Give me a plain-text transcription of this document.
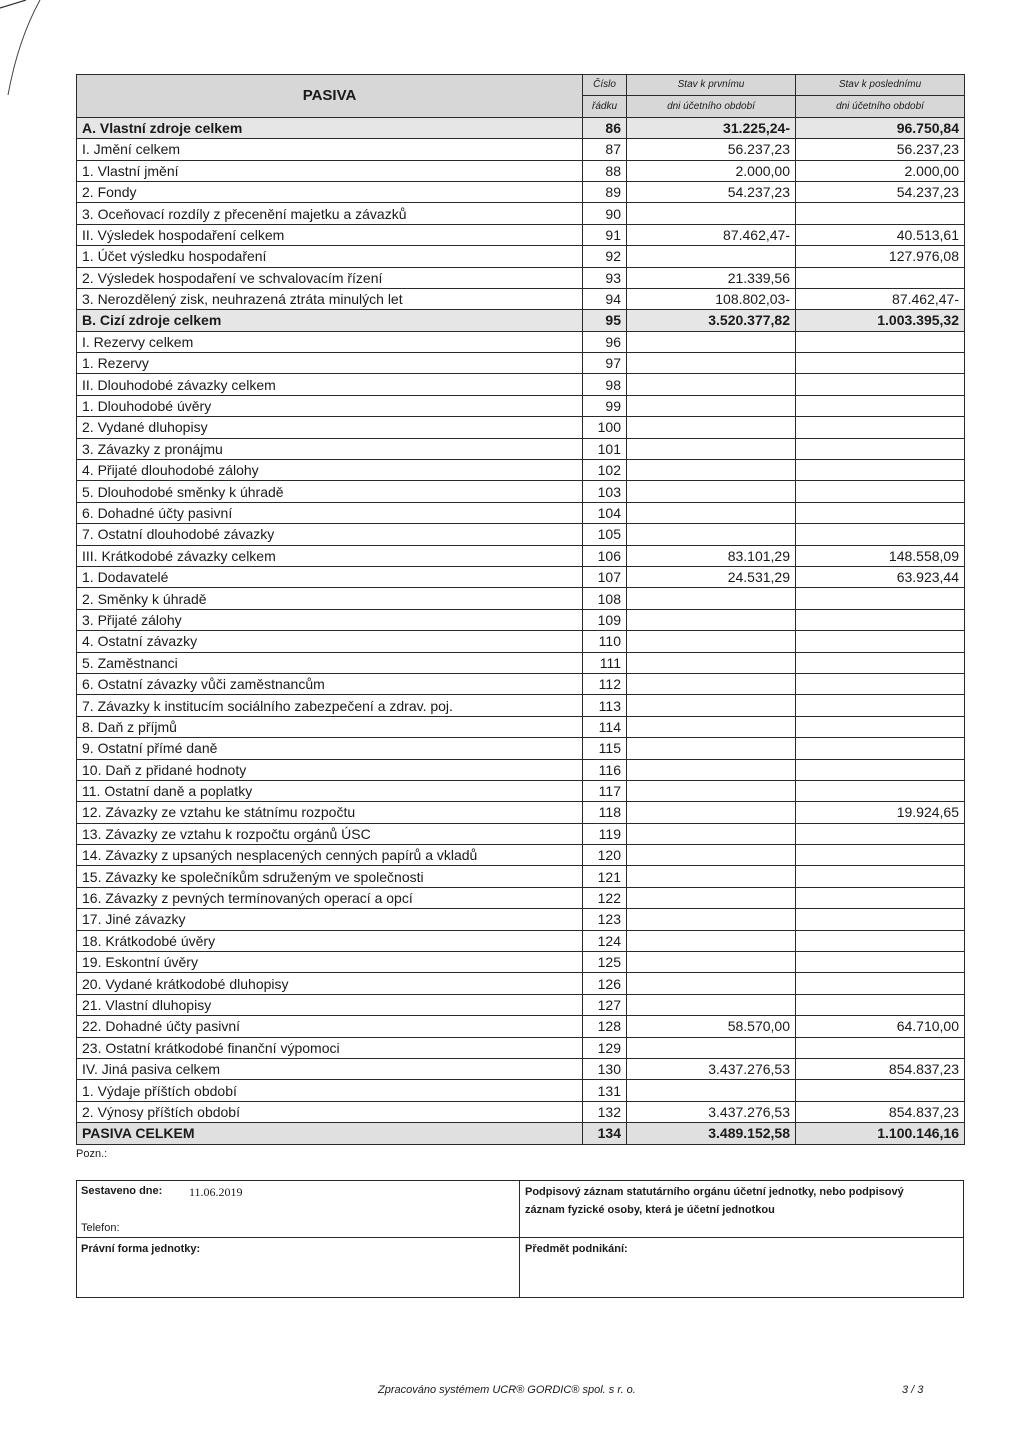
PASIVA	Číslo	Stav k prvnímu	Stav k poslednímu
	řádku	dni účetního období	dni účetního období
A. Vlastní zdroje celkem	86	31.225,24-	96.750,84
I. Jmění celkem	87	56.237,23	56.237,23
1. Vlastní jmění	88	2.000,00	2.000,00
2. Fondy	89	54.237,23	54.237,23
3. Oceňovací rozdíly z přecenění majetku a závazků	90		
II. Výsledek hospodaření celkem	91	87.462,47-	40.513,61
1. Účet výsledku hospodaření	92		127.976,08
2. Výsledek hospodaření ve schvalovacím řízení	93	21.339,56	
3. Nerozdělený zisk, neuhrazená ztráta minulých let	94	108.802,03-	87.462,47-
B. Cizí zdroje celkem	95	3.520.377,82	1.003.395,32
I. Rezervy celkem	96		
1. Rezervy	97		
II. Dlouhodobé závazky celkem	98		
1. Dlouhodobé úvěry	99		
2. Vydané dluhopisy	100		
3. Závazky z pronájmu	101		
4. Přijaté dlouhodobé zálohy	102		
5. Dlouhodobé směnky k úhradě	103		
6. Dohadné účty pasivní	104		
7. Ostatní dlouhodobé závazky	105		
III. Krátkodobé závazky celkem	106	83.101,29	148.558,09
1. Dodavatelé	107	24.531,29	63.923,44
2. Směnky k úhradě	108		
3. Přijaté zálohy	109		
4. Ostatní závazky	110		
5. Zaměstnanci	111		
6. Ostatní závazky vůči zaměstnancům	112		
7. Závazky k institucím sociálního zabezpečení a zdrav. poj.	113		
8. Daň z příjmů	114		
9. Ostatní přímé daně	115		
10. Daň z přidané hodnoty	116		
11. Ostatní daně a poplatky	117		
12. Závazky ze vztahu ke státnímu rozpočtu	118		19.924,65
13. Závazky ze vztahu k rozpočtu orgánů ÚSC	119		
14. Závazky z upsaných nesplacených cenných papírů a vkladů	120		
15. Závazky ke společníkům sdruženým ve společnosti	121		
16. Závazky z pevných termínovaných operací a opcí	122		
17. Jiné závazky	123		
18. Krátkodobé úvěry	124		
19. Eskontní úvěry	125		
20. Vydané krátkodobé dluhopisy	126		
21. Vlastní dluhopisy	127		
22. Dohadné účty pasivní	128	58.570,00	64.710,00
23. Ostatní krátkodobé finanční výpomoci	129		
IV. Jiná pasiva celkem	130	3.437.276,53	854.837,23
1. Výdaje příštích období	131		
2. Výnosy příštích období	132	3.437.276,53	854.837,23
PASIVA CELKEM	134	3.489.152,58	1.100.146,16
Pozn.:
Sestaveno dne: 11.06.2019
Telefon:
Právní forma jednotky:
Podpisový záznam statutárního orgánu účetní jednotky, nebo podpisový
záznam fyzické osoby, která je účetní jednotkou
Předmět podnikání:
Zpracováno systémem UCR® GORDIC® spol. s r. o.	3 / 3
